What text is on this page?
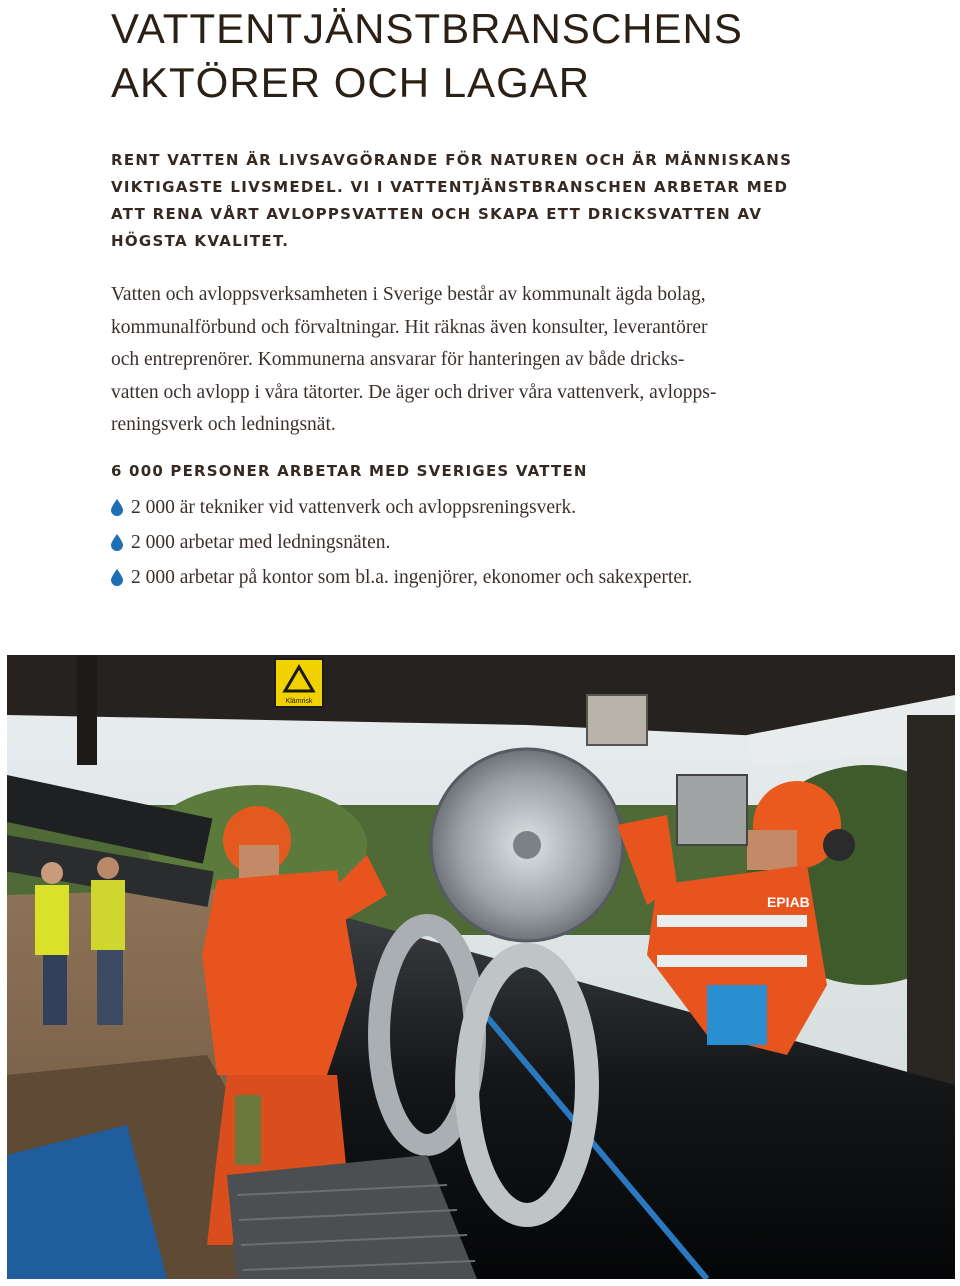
VATTENTJÄNSTBRANSCHENS
AKTÖRER OCH LAGAR
RENT VATTEN ÄR LIVSAVGÖRANDE FÖR NATUREN OCH ÄR MÄNNISKANS
VIKTIGASTE LIVSMEDEL. VI I VATTENTJÄNSTBRANSCHEN ARBETAR MED
ATT RENA VÅRT AVLOPPSVATTEN OCH SKAPA ETT DRICKSVATTEN AV
HÖGSTA KVALITET.
Vatten och avloppsverksamheten i Sverige består av kommunalt ägda bolag,
kommunalförbund och förvaltningar. Hit räknas även konsulter, leverantörer
och entreprenörer. Kommunerna ansvarar för hanteringen av både dricks-
vatten och avlopp i våra tätorter. De äger och driver våra vattenverk, avlopps-
reningsverk och ledningsnät.
6 000 PERSONER ARBETAR MED SVERIGES VATTEN
2 000 är tekniker vid vattenverk och avloppsreningsverk.
2 000 arbetar med ledningsnäten.
2 000 arbetar på kontor som bl.a. ingenjörer, ekonomer och sakexperter.
Klämrisk
EPIAB
